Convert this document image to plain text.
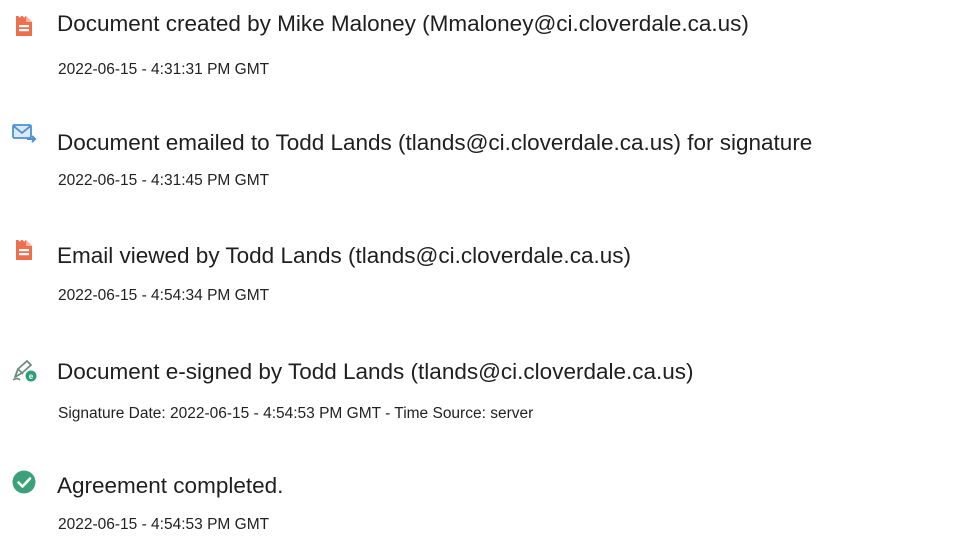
Document created by Mike Maloney (Mmaloney@ci.cloverdale.ca.us)
2022-06-15 - 4:31:31 PM GMT
Document emailed to Todd Lands (tlands@ci.cloverdale.ca.us) for signature
2022-06-15 - 4:31:45 PM GMT
Email viewed by Todd Lands (tlands@ci.cloverdale.ca.us)
2022-06-15 - 4:54:34 PM GMT
e Document e-signed by Todd Lands (tlands@ci.cloverdale.ca.us)
Signature Date: 2022-06-15 - 4:54:53 PM GMT - Time Source: server
Agreement completed.
2022-06-15 - 4:54:53 PM GMT
